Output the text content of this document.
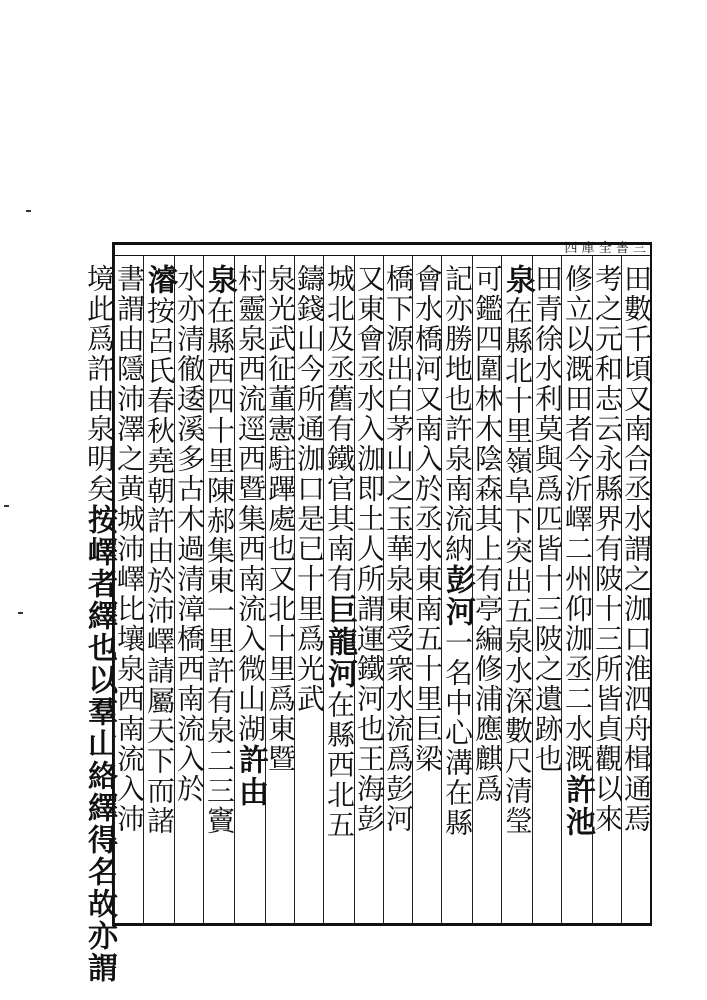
四 庫 全 書 三
田數千頃又南合丞水謂之泇口淮泗舟楫通焉
考之元和志云永縣界有陂十三所皆貞觀以來
修立以溉田者今沂嶧二州仰泇丞二水溉許池
田青徐水利莫與爲匹皆十三陂之遺跡也
泉在縣北十里嶺阜下突出五泉水深數尺清瑩
可鑑四圍林木陰森其上有亭編修浦應麒爲
記亦勝地也許泉南流納彭河一名中心溝在縣
會水橋河又南入於丞水東南五十里巨梁
橋下源出白茅山之玉華泉東受衆水流爲彭河
又東會丞水入泇即土人所謂運鐵河也王海彭
城北及丞舊有鐵官其南有巨龍河在縣西北五
鑄錢山今所通泇口是已十里爲光武
泉光武征董憲駐蹕處也又北十里爲東暨
村靈泉西流逕西暨集西南流入微山湖許由
泉在縣西四十里陳郝集東一里許有泉二三竇
水亦清徹逶溪多古木過清漳橋西南流入於
濬按呂氏春秋堯朝許由於沛嶧請屬天下而諸
書謂由隱沛澤之黄城沛嶧比壤泉西南流入沛
境此爲許由泉明矣按嶧者繹也以羣山絡繹得名故亦謂
